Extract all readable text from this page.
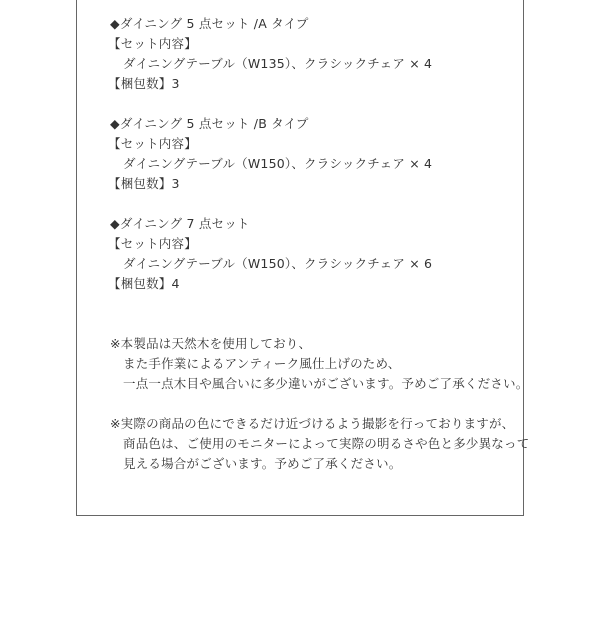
◆ダイニング 5 点セット /A タイプ
【セット内容】
ダイニングテーブル（W135）、クラシックチェア × 4
【梱包数】3
◆ダイニング 5 点セット /B タイプ
【セット内容】
ダイニングテーブル（W150）、クラシックチェア × 4
【梱包数】3
◆ダイニング 7 点セット
【セット内容】
ダイニングテーブル（W150）、クラシックチェア × 6
【梱包数】4
※本製品は天然木を使用しており、
また手作業によるアンティーク風仕上げのため、
一点一点木目や風合いに多少違いがございます。予めご了承ください。
※実際の商品の色にできるだけ近づけるよう撮影を行っておりますが、
商品色は、ご使用のモニターによって実際の明るさや色と多少異なって
見える場合がございます。予めご了承ください。
